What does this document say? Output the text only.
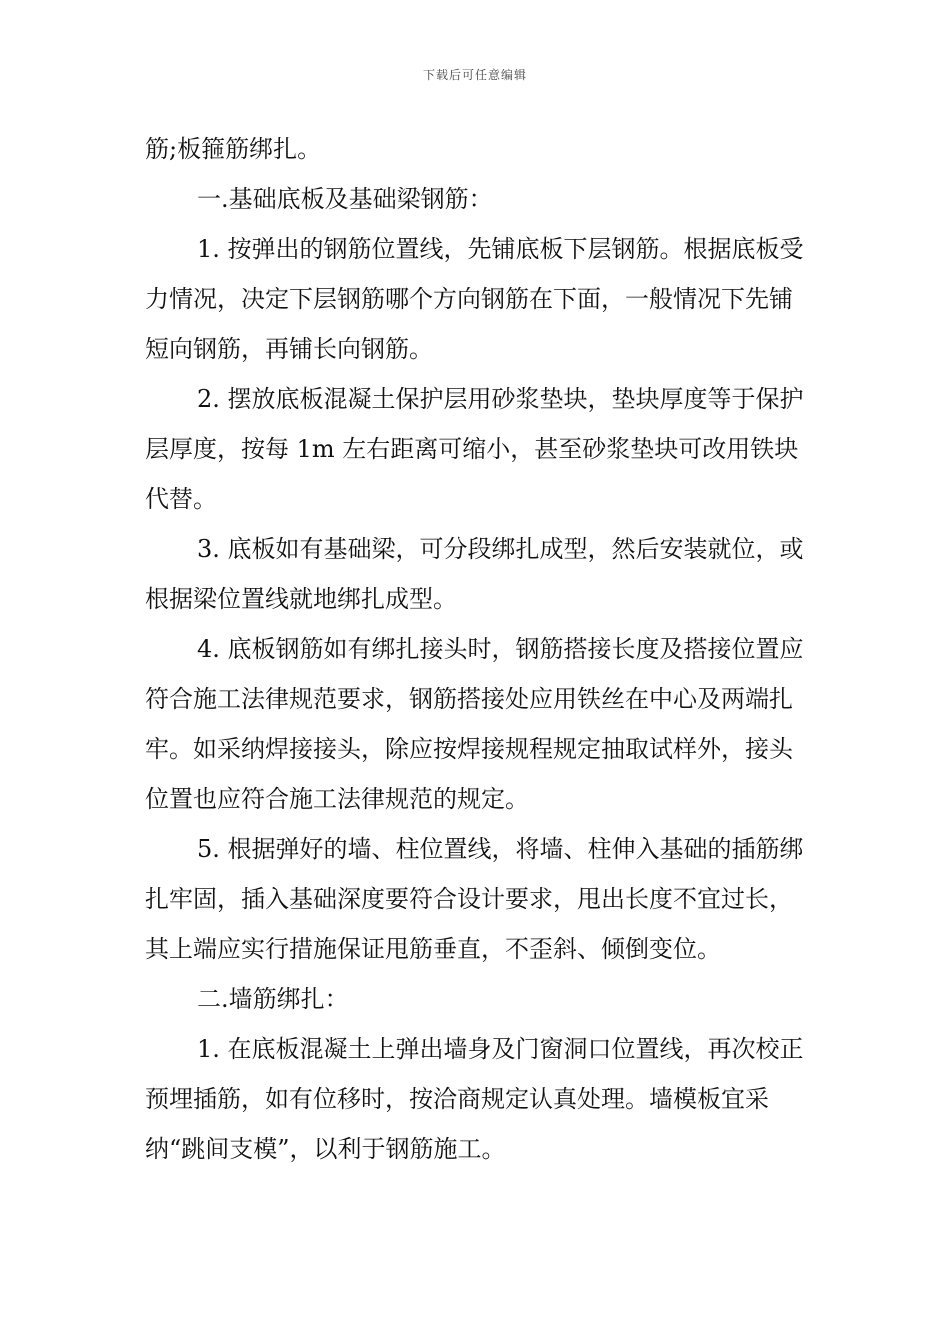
下载后可任意编辑

筋;板箍筋绑扎。

一.基础底板及基础梁钢筋：

1. 按弹出的钢筋位置线，先铺底板下层钢筋。根据底板受力情况，决定下层钢筋哪个方向钢筋在下面，一般情况下先铺短向钢筋，再铺长向钢筋。

2. 摆放底板混凝土保护层用砂浆垫块，垫块厚度等于保护层厚度，按每 1m 左右距离可缩小，甚至砂浆垫块可改用铁块代替。

3. 底板如有基础梁，可分段绑扎成型，然后安装就位，或根据梁位置线就地绑扎成型。

4. 底板钢筋如有绑扎接头时，钢筋搭接长度及搭接位置应符合施工法律规范要求，钢筋搭接处应用铁丝在中心及两端扎牢。如采纳焊接接头，除应按焊接规程规定抽取试样外，接头位置也应符合施工法律规范的规定。

5. 根据弹好的墙、柱位置线，将墙、柱伸入基础的插筋绑扎牢固，插入基础深度要符合设计要求，甩出长度不宜过长，其上端应实行措施保证甩筋垂直，不歪斜、倾倒变位。

二.墙筋绑扎：

1. 在底板混凝土上弹出墙身及门窗洞口位置线，再次校正预埋插筋，如有位移时，按洽商规定认真处理。墙模板宜采纳“跳间支模”，以利于钢筋施工。
